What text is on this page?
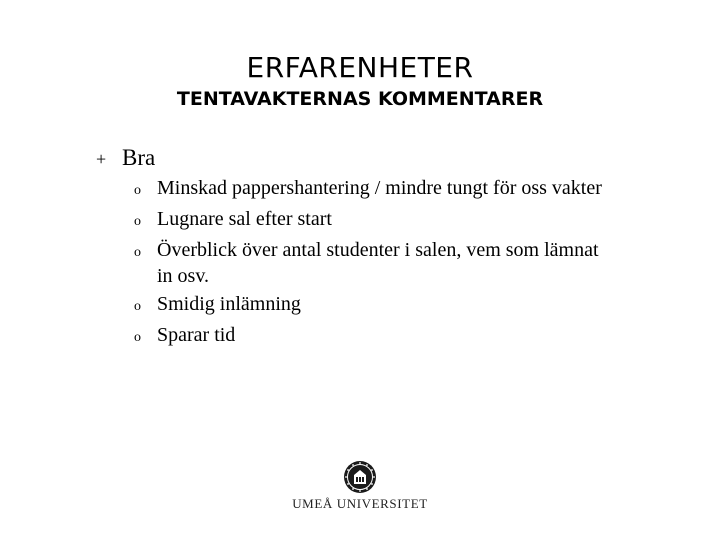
ERFARENHETER
TENTAVAKTERNAS KOMMENTARER
+ Bra
o Minskad pappershantering / mindre tungt för oss vakter
o Lugnare sal efter start
o Överblick över antal studenter i salen, vem som lämnat in osv.
o Smidig inlämning
o Sparar tid
UMEÅ UNIVERSITET
